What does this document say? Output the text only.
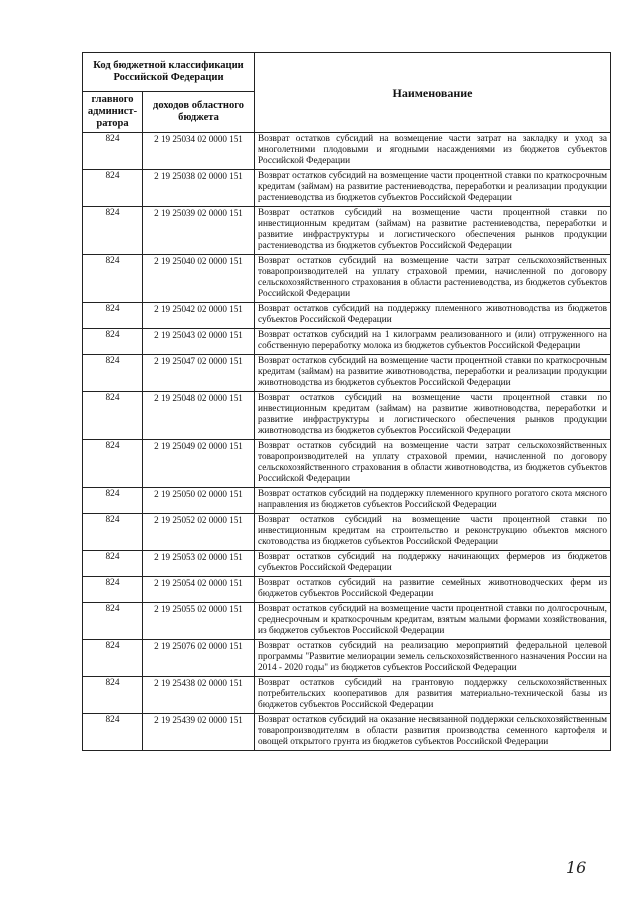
Код бюджетной классификации Российской Федерации		Наименование
главного админист-ратора	доходов областного бюджета	
824	2 19 25034 02 0000 151	Возврат остатков субсидий на возмещение части затрат на закладку и уход за многолетними плодовыми и ягодными насаждениями из бюджетов субъектов Российской Федерации
824	2 19 25038 02 0000 151	Возврат остатков субсидий на возмещение части процентной ставки по краткосрочным кредитам (займам) на развитие растениеводства, переработки и реализации продукции растениеводства из бюджетов субъектов Российской Федерации
824	2 19 25039 02 0000 151	Возврат остатков субсидий на возмещение части процентной ставки по инвестиционным кредитам (займам) на развитие растениеводства, переработки и развитие инфраструктуры и логистического обеспечения рынков продукции растениеводства из бюджетов субъектов Российской Федерации
824	2 19 25040 02 0000 151	Возврат остатков субсидий на возмещение части затрат сельскохозяйственных товаропроизводителей на уплату страховой премии, начисленной по договору сельскохозяйственного страхования в области растениеводства, из бюджетов субъектов Российской Федерации
824	2 19 25042 02 0000 151	Возврат остатков субсидий на поддержку племенного животноводства из бюджетов субъектов Российской Федерации
824	2 19 25043 02 0000 151	Возврат остатков субсидий на 1 килограмм реализованного и (или) отгруженного на собственную переработку молока из бюджетов субъектов Российской Федерации
824	2 19 25047 02 0000 151	Возврат остатков субсидий на возмещение части процентной ставки по краткосрочным кредитам (займам) на развитие животноводства, переработки и реализации продукции животноводства из бюджетов субъектов Российской Федерации
824	2 19 25048 02 0000 151	Возврат остатков субсидий на возмещение части процентной ставки по инвестиционным кредитам (займам) на развитие животноводства, переработки и развитие инфраструктуры и логистического обеспечения рынков продукции животноводства из бюджетов субъектов Российской Федерации
824	2 19 25049 02 0000 151	Возврат остатков субсидий на возмещение части затрат сельскохозяйственных товаропроизводителей на уплату страховой премии, начисленной по договору сельскохозяйственного страхования в области животноводства, из бюджетов субъектов Российской Федерации
824	2 19 25050 02 0000 151	Возврат остатков субсидий на поддержку племенного крупного рогатого скота мясного направления из бюджетов субъектов Российской Федерации
824	2 19 25052 02 0000 151	Возврат остатков субсидий на возмещение части процентной ставки по инвестиционным кредитам на строительство и реконструкцию объектов мясного скотоводства из бюджетов субъектов Российской Федерации
824	2 19 25053 02 0000 151	Возврат остатков субсидий на поддержку начинающих фермеров из бюджетов субъектов Российской Федерации
824	2 19 25054 02 0000 151	Возврат остатков субсидий на развитие семейных животноводческих ферм из бюджетов субъектов Российской Федерации
824	2 19 25055 02 0000 151	Возврат остатков субсидий на возмещение части процентной ставки по долгосрочным, среднесрочным и краткосрочным кредитам, взятым малыми формами хозяйствования, из бюджетов субъектов Российской Федерации
824	2 19 25076 02 0000 151	Возврат остатков субсидий на реализацию мероприятий федеральной целевой программы "Развитие мелиорации земель сельскохозяйственного назначения России на 2014 - 2020 годы" из бюджетов субъектов Российской Федерации
824	2 19 25438 02 0000 151	Возврат остатков субсидий на грантовую поддержку сельскохозяйственных потребительских кооперативов для развития материально-технической базы из бюджетов субъектов Российской Федерации
824	2 19 25439 02 0000 151	Возврат остатков субсидий на оказание несвязанной поддержки сельскохозяйственным товаропроизводителям в области развития производства семенного картофеля и овощей открытого грунта из бюджетов субъектов Российской Федерации
16
